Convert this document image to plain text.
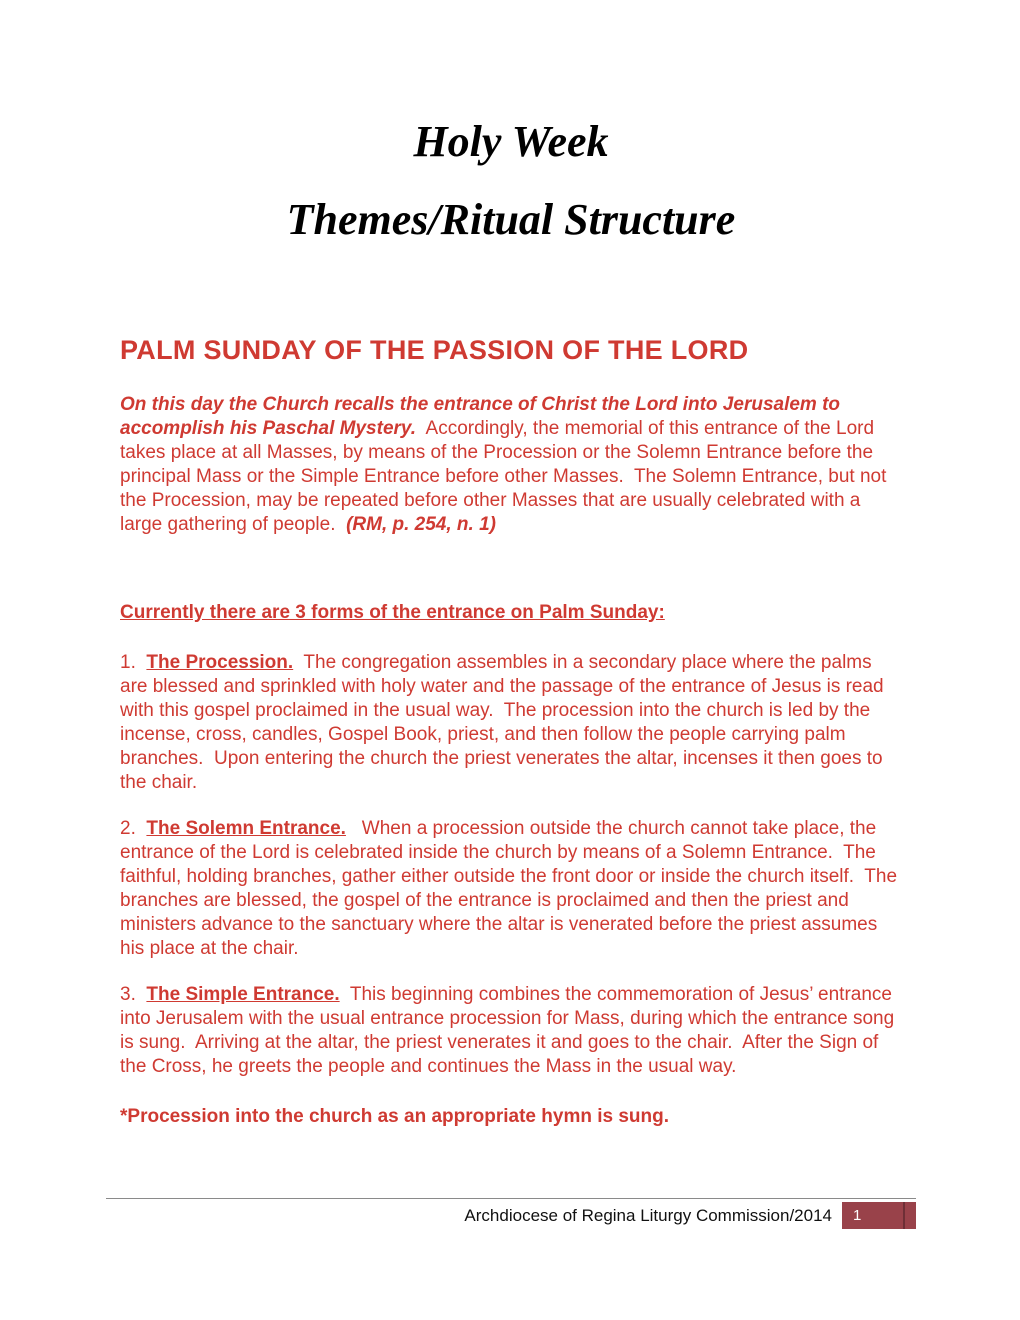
Holy Week
Themes/Ritual Structure
PALM SUNDAY OF THE PASSION OF THE LORD

On this day the Church recalls the entrance of Christ the Lord into Jerusalem to accomplish his Paschal Mystery.  Accordingly, the memorial of this entrance of the Lord takes place at all Masses, by means of the Procession or the Solemn Entrance before the principal Mass or the Simple Entrance before other Masses.  The Solemn Entrance, but not the Procession, may be repeated before other Masses that are usually celebrated with a large gathering of people.  (RM, p. 254, n. 1)

Currently there are 3 forms of the entrance on Palm Sunday:

1.  The Procession.  The congregation assembles in a secondary place where the palms are blessed and sprinkled with holy water and the passage of the entrance of Jesus is read with this gospel proclaimed in the usual way.  The procession into the church is led by the incense, cross, candles, Gospel Book, priest, and then follow the people carrying palm branches.  Upon entering the church the priest venerates the altar, incenses it then goes to the chair.

2.  The Solemn Entrance.   When a procession outside the church cannot take place, the entrance of the Lord is celebrated inside the church by means of a Solemn Entrance.  The faithful, holding branches, gather either outside the front door or inside the church itself.  The branches are blessed, the gospel of the entrance is proclaimed and then the priest and ministers advance to the sanctuary where the altar is venerated before the priest assumes his place at the chair.

3.  The Simple Entrance.  This beginning combines the commemoration of Jesus’ entrance into Jerusalem with the usual entrance procession for Mass, during which the entrance song is sung.  Arriving at the altar, the priest venerates it and goes to the chair.  After the Sign of the Cross, he greets the people and continues the Mass in the usual way.

*Procession into the church as an appropriate hymn is sung.

Archdiocese of Regina Liturgy Commission/2014 1
